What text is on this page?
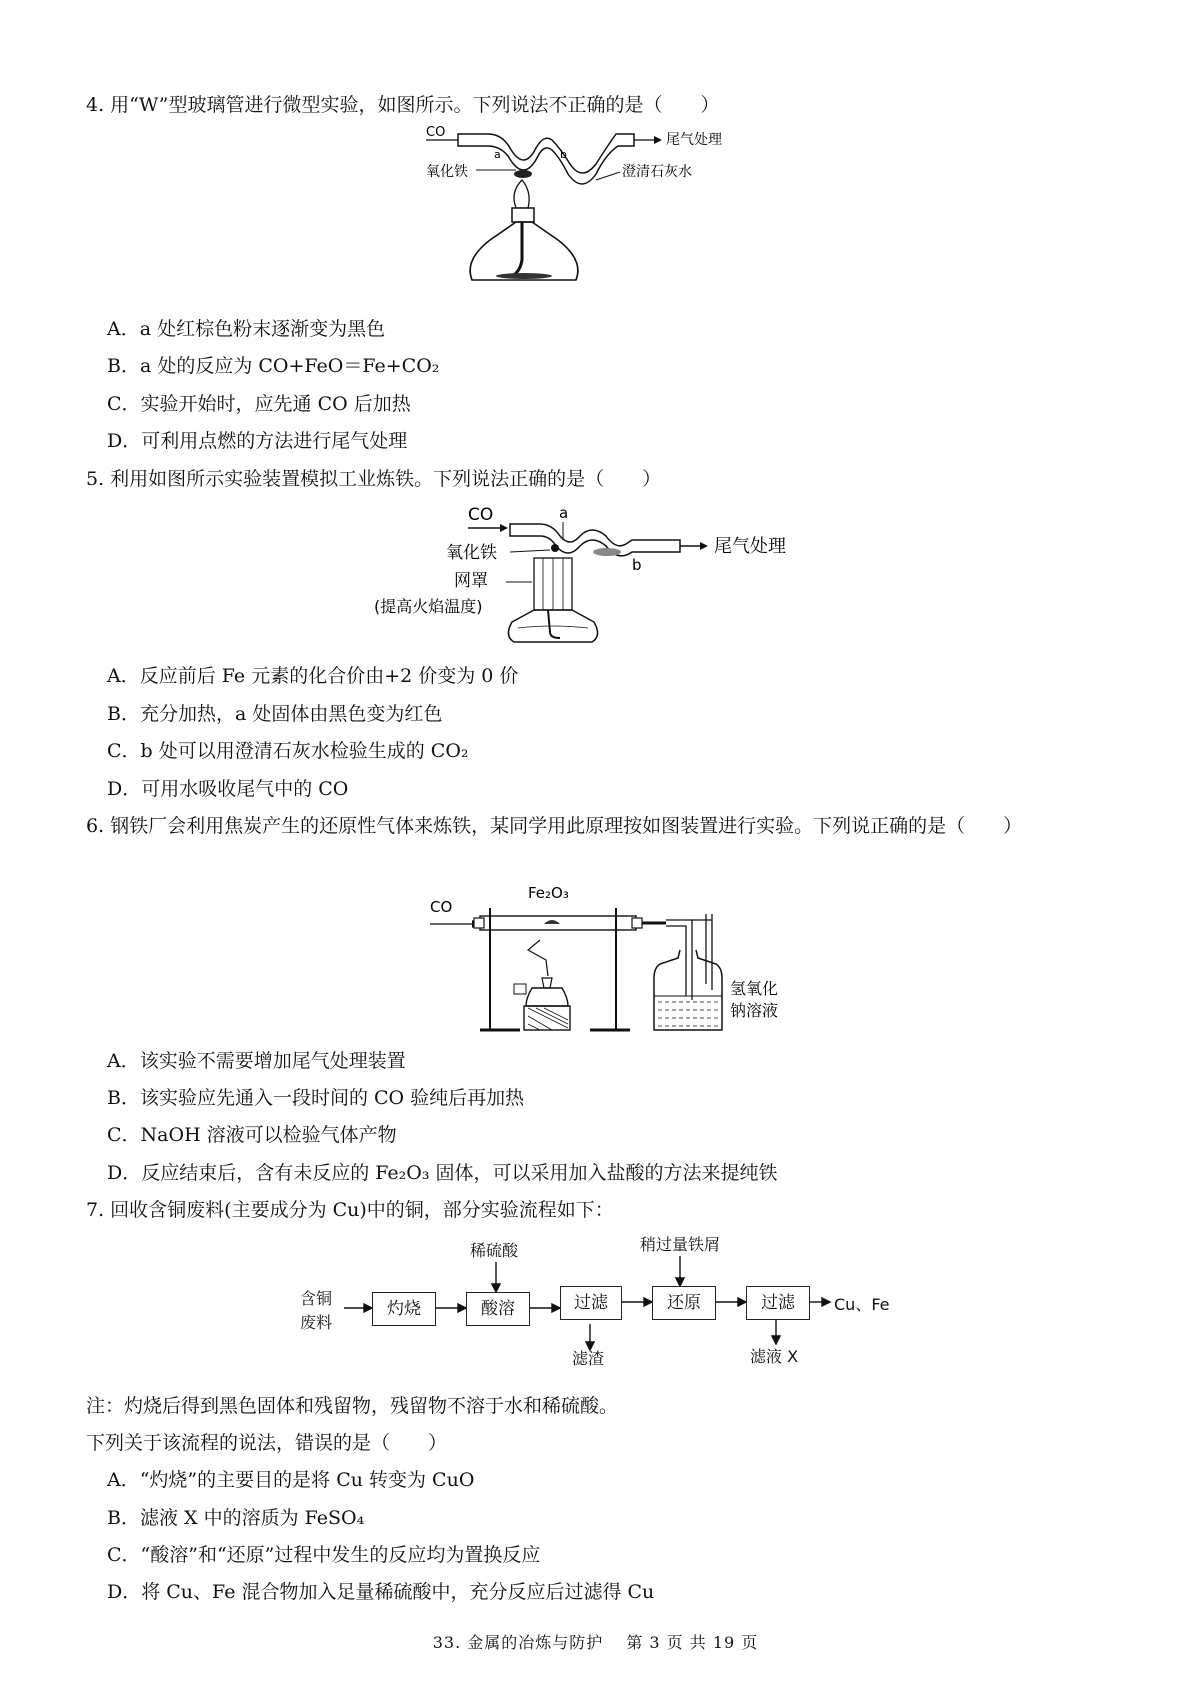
4. 用“W”型玻璃管进行微型实验，如图所示。下列说法不正确的是（　　）
CO
a	b
尾气处理
氧化铁	澄清石灰水
A．a 处红棕色粉末逐渐变为黑色
B．a 处的反应为 CO+FeO＝Fe+CO₂
C．实验开始时，应先通 CO 后加热
D．可利用点燃的方法进行尾气处理
5. 利用如图所示实验装置模拟工业炼铁。下列说法正确的是（　　）
CO	a
b
尾气处理
氧化铁
网罩
(提高火焰温度)
A．反应前后 Fe 元素的化合价由+2 价变为 0 价
B．充分加热，a 处固体由黑色变为红色
C．b 处可以用澄清石灰水检验生成的 CO₂
D．可用水吸收尾气中的 CO
6. 钢铁厂会利用焦炭产生的还原性气体来炼铁，某同学用此原理按如图装置进行实验。下列说正确的是（　　）
CO
Fe₂O₃
氢氧化
钠溶液
A．该实验不需要增加尾气处理装置
B．该实验应先通入一段时间的 CO 验纯后再加热
C．NaOH 溶液可以检验气体产物
D．反应结束后，含有未反应的 Fe₂O₃ 固体，可以采用加入盐酸的方法来提纯铁
7. 回收含铜废料(主要成分为 Cu)中的铜，部分实验流程如下：
含铜
废料
灼烧	酸溶	过滤	还原	过滤
稀硫酸	稍过量铁屑
滤渣	滤液 X
Cu、Fe
注：灼烧后得到黑色固体和残留物，残留物不溶于水和稀硫酸。
下列关于该流程的说法，错误的是（　　）
A．“灼烧”的主要目的是将 Cu 转变为 CuO
B．滤液 X 中的溶质为 FeSO₄
C．“酸溶”和“还原”过程中发生的反应均为置换反应
D．将 Cu、Fe 混合物加入足量稀硫酸中，充分反应后过滤得 Cu
33. 金属的冶炼与防护　 第 3 页 共 19 页
